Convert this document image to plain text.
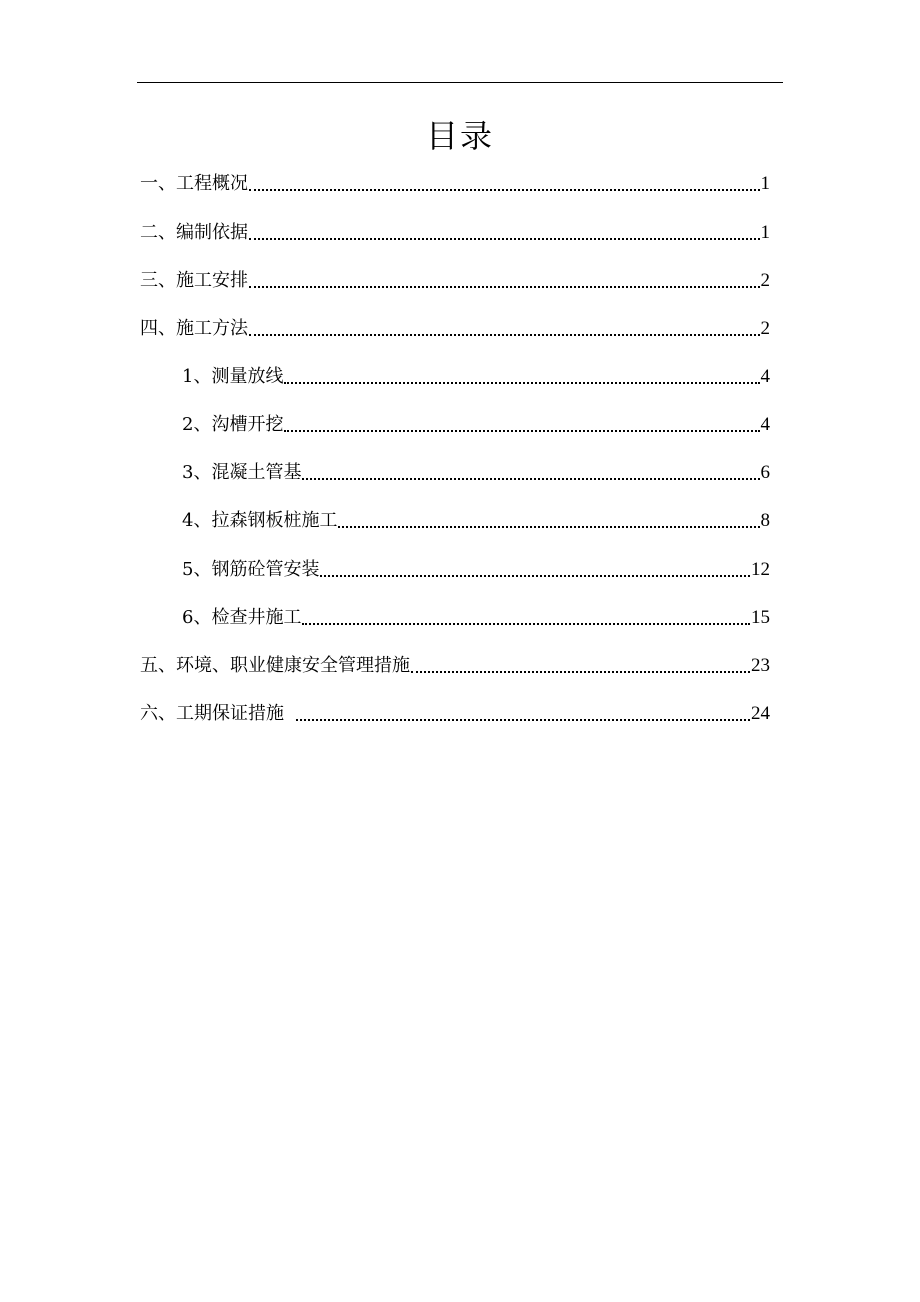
目录
一、工程概况	1
二、编制依据	1
三、施工安排	2
四、施工方法	2
1、测量放线	4
2、沟槽开挖	4
3、混凝土管基	6
4、拉森钢板桩施工	8
5、钢筋砼管安装	12
6、检查井施工	15
五、环境、职业健康安全管理措施	23
六、工期保证措施	24
